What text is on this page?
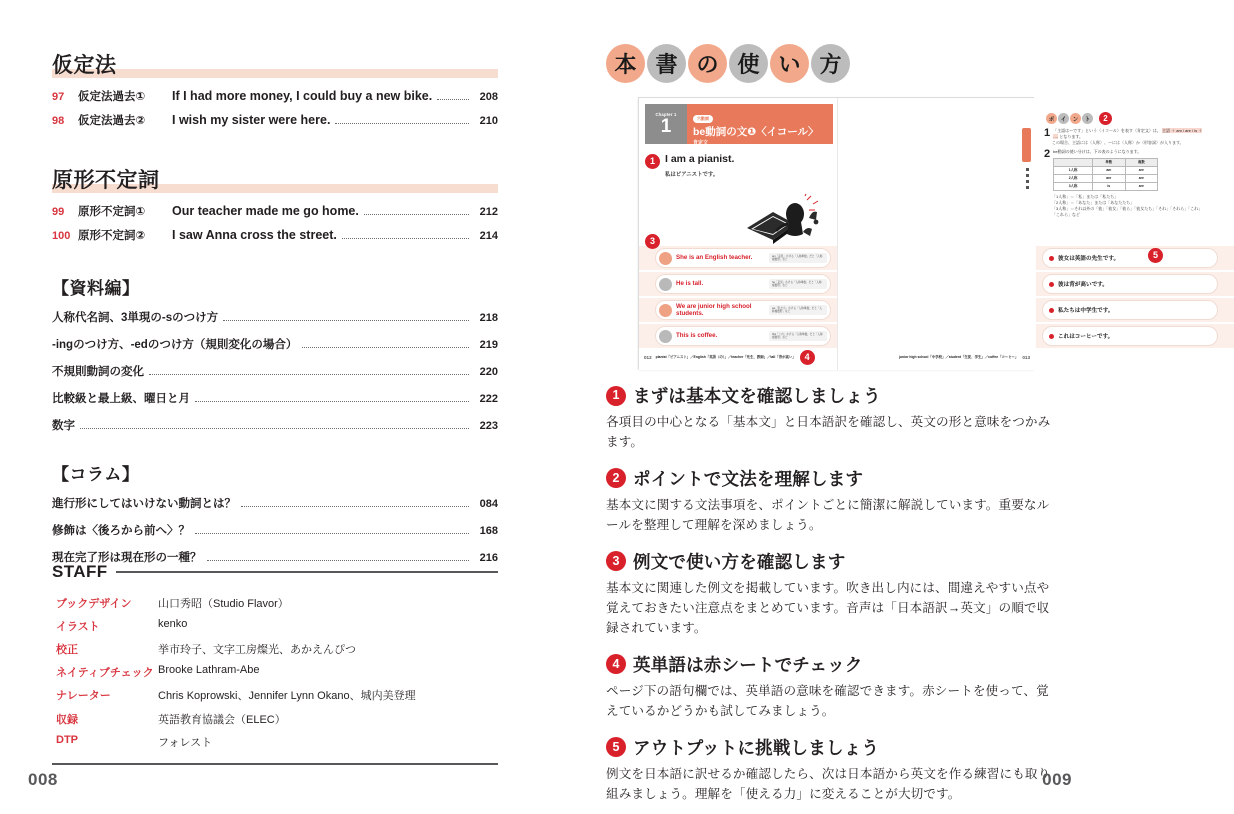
仮定法
97	仮定法過去①	If I had more money, I could buy a new bike.	208
98	仮定法過去②	I wish my sister were here.	210
原形不定詞
99	原形不定詞①	Our teacher made me go home.	212
100 原形不定詞②	I saw Anna cross the street.	214
【資料編】
人称代名詞、3単現の-sのつけ方	218
-ingのつけ方、-edのつけ方（規則変化の場合）	219
不規則動詞の変化	220
比較級と最上級、曜日と月	222
数字	223
【コラム】
進行形にしてはいけない動詞とは？	084
修飾は〈後ろから前へ〉？	168
現在完了形は現在形の一種？	216
STAFF
ブックデザイン	山口秀昭（Studio Flavor）
イラスト	kenko
校正	挙市玲子、文字工房燦光、あかえんぴつ
ネイティブチェック Brooke Lathram-Abe
ナレーター	Chris Koprowski、Jennifer Lynn Okano、城内美登理
収録	英語教育協議会（ELEC）
DTP	フォレスト
008
本 書 の 使 い 方
Chapter 1
1	六動詞
be動詞の文❶〈イコール〉
肯定文
1 I am a pianist.
私はピアニストです。
3
She is an English teacher.	am「意見」かける「人称単数」だと「人称複数形」など
He is tall.	he「意見」かける「人称単数」だと「人称複数形」など
We are junior high school students.
we「私たち」かける「人称単数」だと「人称複数形」など
This is coffee.	this「これ」かける「人称単数」だと「人称複数形」など
ポ	イ	ン	ト	2
1 「主語は〜です」という〈イコール〉を表す〈肯定文〉は、 主語 ＋ am / are / is ＋ …. となります。
この場合、主語には〈人称〉、〜には〈人称〉か〈形容詞〉が入ります。
2 be動詞の使い分けは、下の表のようになります。
	単数	複数
1人称	am	are
2人称	are	are
3人称	is	are
「1人称」＝「私」または「私たち」
「2人称」＝「あなた」または「あなたたち」
「3人称」＝それ以外の「彼」「彼女」「彼ら」「彼女たち」「それ」「それら」「これ」「これら」など
5
彼女は英語の先生です。
彼は背が高いです。
私たちは中学生です。
これはコーヒーです。
012 pianist「ピアニスト」／English「英語（の）」／teacher「先生、教師」／tall「背が高い」 4	junior high school「中学校」／student「生徒、学生」／coffee「コーヒー」 013
1 まずは基本文を確認しましょう
各項目の中心となる「基本文」と日本語訳を確認し、英文の形と意味をつかみます。
2 ポイントで文法を理解します
基本文に関する文法事項を、ポイントごとに簡潔に解説しています。重要なルールを整理して理解を深めましょう。
3 例文で使い方を確認します
基本文に関連した例文を掲載しています。吹き出し内には、間違えやすい点や覚えておきたい注意点をまとめています。音声は「日本語訳→英文」の順で収録されています。
4 英単語は赤シートでチェック
ページ下の語句欄では、英単語の意味を確認できます。赤シートを使って、覚えているかどうかも試してみましょう。
5 アウトプットに挑戦しましょう
例文を日本語に訳せるか確認したら、次は日本語から英文を作る練習にも取り組みましょう。理解を「使える力」に変えることが大切です。
009
